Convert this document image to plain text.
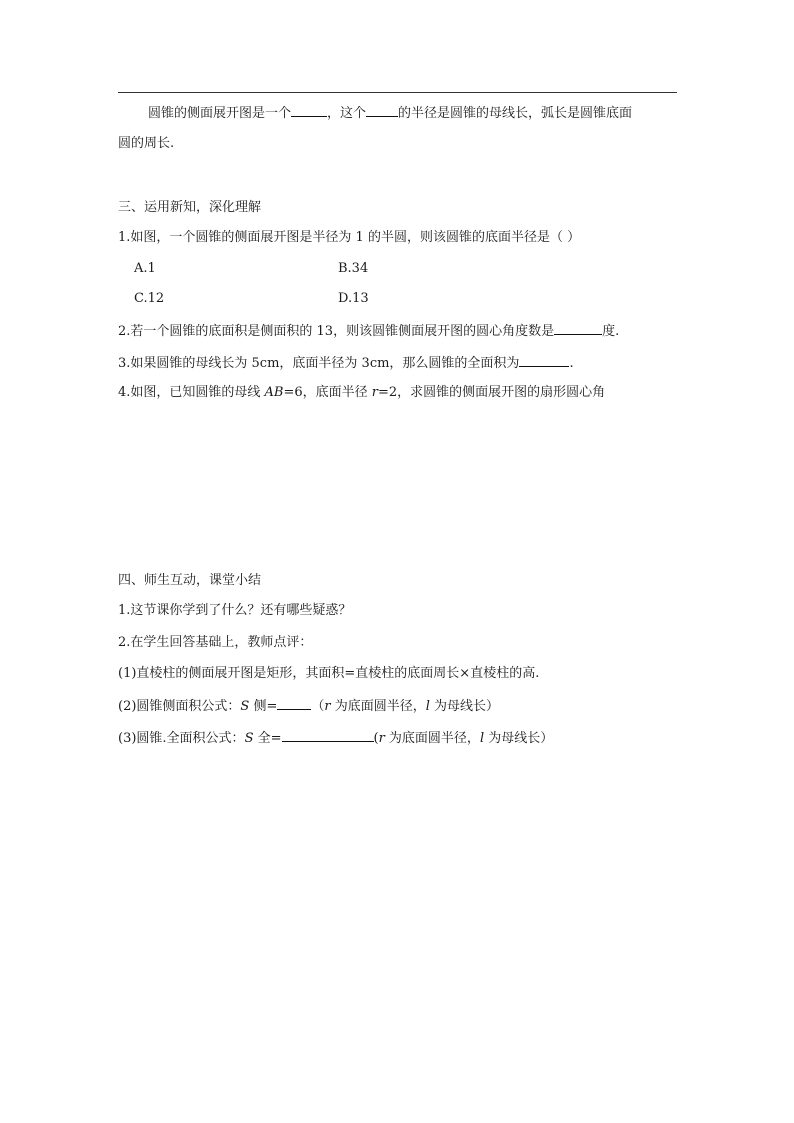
圆锥的侧面展开图是一个	，这个 的半径是圆锥的母线长，弧长是圆锥底面
圆的周长.
三、运用新知，深化理解
1.如图，一个圆锥的侧面展开图是半径为 1 的半圆，则该圆锥的底面半径是（ ）
A.1	B.34
C.12	D.13
2.若一个圆锥的底面积是侧面积的 13，则该圆锥侧面展开图的圆心角度数是	度.
3.如果圆锥的母线长为 5cm，底面半径为 3cm，那么圆锥的全面积为	.
4.如图，已知圆锥的母线 AB=6，底面半径 r=2，求圆锥的侧面展开图的扇形圆心角
四、师生互动，课堂小结
1.这节课你学到了什么？还有哪些疑惑？
2.在学生回答基础上，教师点评：
(1)直棱柱的侧面展开图是矩形，其面积=直棱柱的底面周长×直棱柱的高.
(2)圆锥侧面积公式：S 侧=	（r 为底面圆半径，l 为母线长）
(3)圆锥.全面积公式：S 全=	(r 为底面圆半径，l 为母线长）
